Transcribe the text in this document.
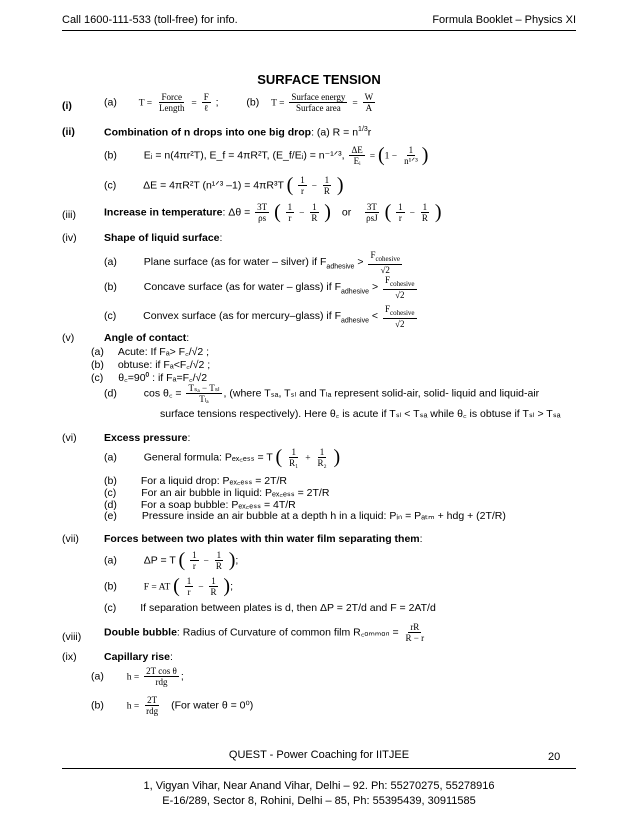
Call 1600-111-533 (toll-free) for info.	Formula Booklet – Physics XI
SURFACE TENSION
(i)	(a) $T = \frac{\text{Force}}{\text{Length}} = \frac{F}{\text{ℓ}}$ ;	(b) $T = \frac{\text{Surface energy}}{\text{Surface area}} = \frac{W}{A}$
(ii)	Combination of n drops into one big drop: (a) $R = n^{1/3}r$
(b)	Eᵢ = n(4πr²T), E_f = 4πR²T, (E_f/Eᵢ) = n⁻¹ᐟ³, $\frac{\Delta E}{\text{Eᵢ}} = (1 - \frac{1}{\text{n¹ᐟ³}}$ )
(c)	ΔE = 4πR²T (n¹ᐟ³ –1) = 4πR³T ( $\frac{1}{r} - \frac{1}{R}$ )
(iii)	Increase in temperature: $\Delta\theta = \frac{3T}{\rho s}$ ( $\frac{1}{r} - \frac{1}{R}$ ) or $\frac{3T}{\text{ρsJ}}$ ( $\frac{1}{r} - \frac{1}{R}$ )
(iv)	Shape of liquid surface:
(a)	Plane surface (as for water – silver) if $F_{adhesive} > \frac{F_{cohesive}}{√2}$
(b)	Concave surface (as for water – glass) if $F_{adhesive} > \frac{F_{cohesive}}{√2}$
(c)	Convex surface (as for mercury–glass) if $F_{adhesive} < \frac{F_{cohesive}}{√2}$
(v)	Angle of contact:
(a) Acute: If Fₐ> F꜀/√2 ;
(b) obtuse: if Fₐ<F꜀/√2 ;
(c) θ꜀=90⁰ : if Fₐ=F꜀/√2
(d)	cos θ꜀ = $\frac{\text{Tₛₐ − Tₛₗ}}{\text{Tₗₐ}}$ , (where Tₛₐ, Tₛₗ and Tₗₐ represent solid-air, solid- liquid and liquid-air
surface tensions respectively). Here θ꜀ is acute if Tₛₗ < Tₛₐ while θ꜀ is obtuse if Tₛₗ > Tₛₐ
(vi)	Excess pressure:
(a)	General formula: Pₑₓ꜀ₑₛₛ = T ( $\frac{1}{\text{R₁}} + \frac{1}{\text{R₂}}$ )
(b) For a liquid drop: Pₑₓ꜀ₑₛₛ = 2T/R
(c) For an air bubble in liquid: Pₑₓ꜀ₑₛₛ = 2T/R
(d) For a soap bubble: Pₑₓ꜀ₑₛₛ = 4T/R
(e) Pressure inside an air bubble at a depth h in a liquid: Pᵢₙ = Pₐₜₘ + hdg + (2T/R)
(vii) Forces between two plates with thin water film separating them:
(a)	ΔP = T ( $\frac{1}{r} - \frac{1}{R}$ );
(b)	F = AT ( $\frac{1}{r} - \frac{1}{R}$ );
(c) If separation between plates is d, then ΔP = 2T/d and F = 2AT/d
(viii) Double bubble: Radius of Curvature of common film R꜀ₒₘₘₒₙ = $\frac{rR}{R - r}$
(ix)	Capillary rise:
(a) $h = \frac{\text{2T cos θ}}{\text{rdg}}$ ;
(b) $h = \frac{2T}{\text{rdg}} (For$ water θ = 0⁰)
QUEST - Power Coaching for IITJEE	20
1, Vigyan Vihar, Near Anand Vihar, Delhi – 92. Ph: 55270275, 55278916
E-16/289, Sector 8, Rohini, Delhi – 85, Ph: 55395439, 30911585
